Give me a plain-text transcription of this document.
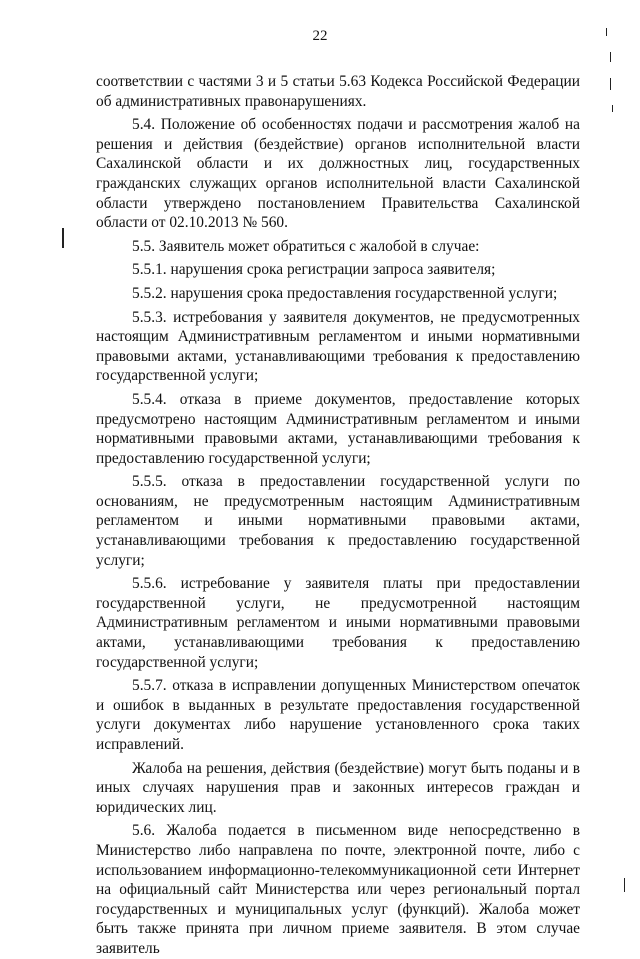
22

соответствии с частями 3 и 5 статьи 5.63 Кодекса Российской Федерации об административных правонарушениях.

5.4. Положение об особенностях подачи и рассмотрения жалоб на решения и действия (бездействие) органов исполнительной власти Сахалинской области и их должностных лиц, государственных гражданских служащих органов исполнительной власти Сахалинской области утверждено постановлением Правительства Сахалинской области от 02.10.2013 № 560.

5.5. Заявитель может обратиться с жалобой в случае:

5.5.1. нарушения срока регистрации запроса заявителя;

5.5.2. нарушения срока предоставления государственной услуги;

5.5.3. истребования у заявителя документов, не предусмотренных настоящим Административным регламентом и иными нормативными правовыми актами, устанавливающими требования к предоставлению государственной услуги;

5.5.4. отказа в приеме документов, предоставление которых предусмотрено настоящим Административным регламентом и иными нормативными правовыми актами, устанавливающими требования к предоставлению государственной услуги;

5.5.5. отказа в предоставлении государственной услуги по основаниям, не предусмотренным настоящим Административным регламентом и иными нормативными правовыми актами, устанавливающими требования к предоставлению государственной услуги;

5.5.6. истребование у заявителя платы при предоставлении государственной услуги, не предусмотренной настоящим Административным регламентом и иными нормативными правовыми актами, устанавливающими требования к предоставлению государственной услуги;

5.5.7. отказа в исправлении допущенных Министерством опечаток и ошибок в выданных в результате предоставления государственной услуги документах либо нарушение установленного срока таких исправлений.

Жалоба на решения, действия (бездействие) могут быть поданы и в иных случаях нарушения прав и законных интересов граждан и юридических лиц.

5.6. Жалоба подается в письменном виде непосредственно в Министерство либо направлена по почте, электронной почте, либо с использованием информационно-телекоммуникационной сети Интернет на официальный сайт Министерства или через региональный портал государственных и муниципальных услуг (функций). Жалоба может быть также принята при личном приеме заявителя. В этом случае заявитель
